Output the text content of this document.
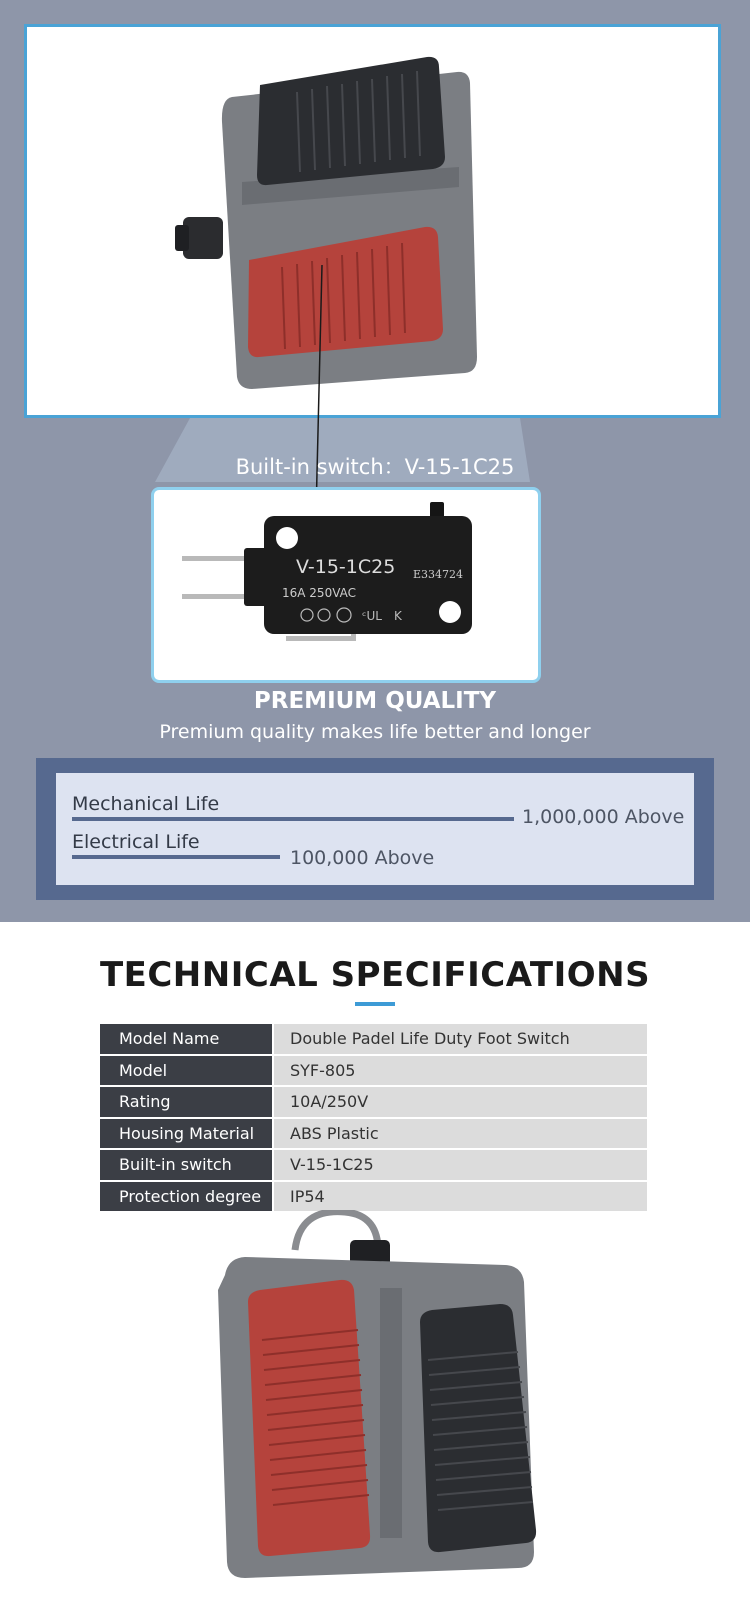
Built-in switch：V-15-1C25
ᶜUL K
V-15-1C25
16A 250VAC
E334724
PREMIUM QUALITY
Premium quality makes life better and longer
Mechanical Life
1,000,000 Above
Electrical Life
100,000 Above
TECHNICAL SPECIFICATIONS
Model Name	Double Padel Life Duty Foot Switch
Model	SYF-805
Rating	10A/250V
Housing Material	ABS Plastic
Built-in switch	V-15-1C25
Protection degree	IP54
